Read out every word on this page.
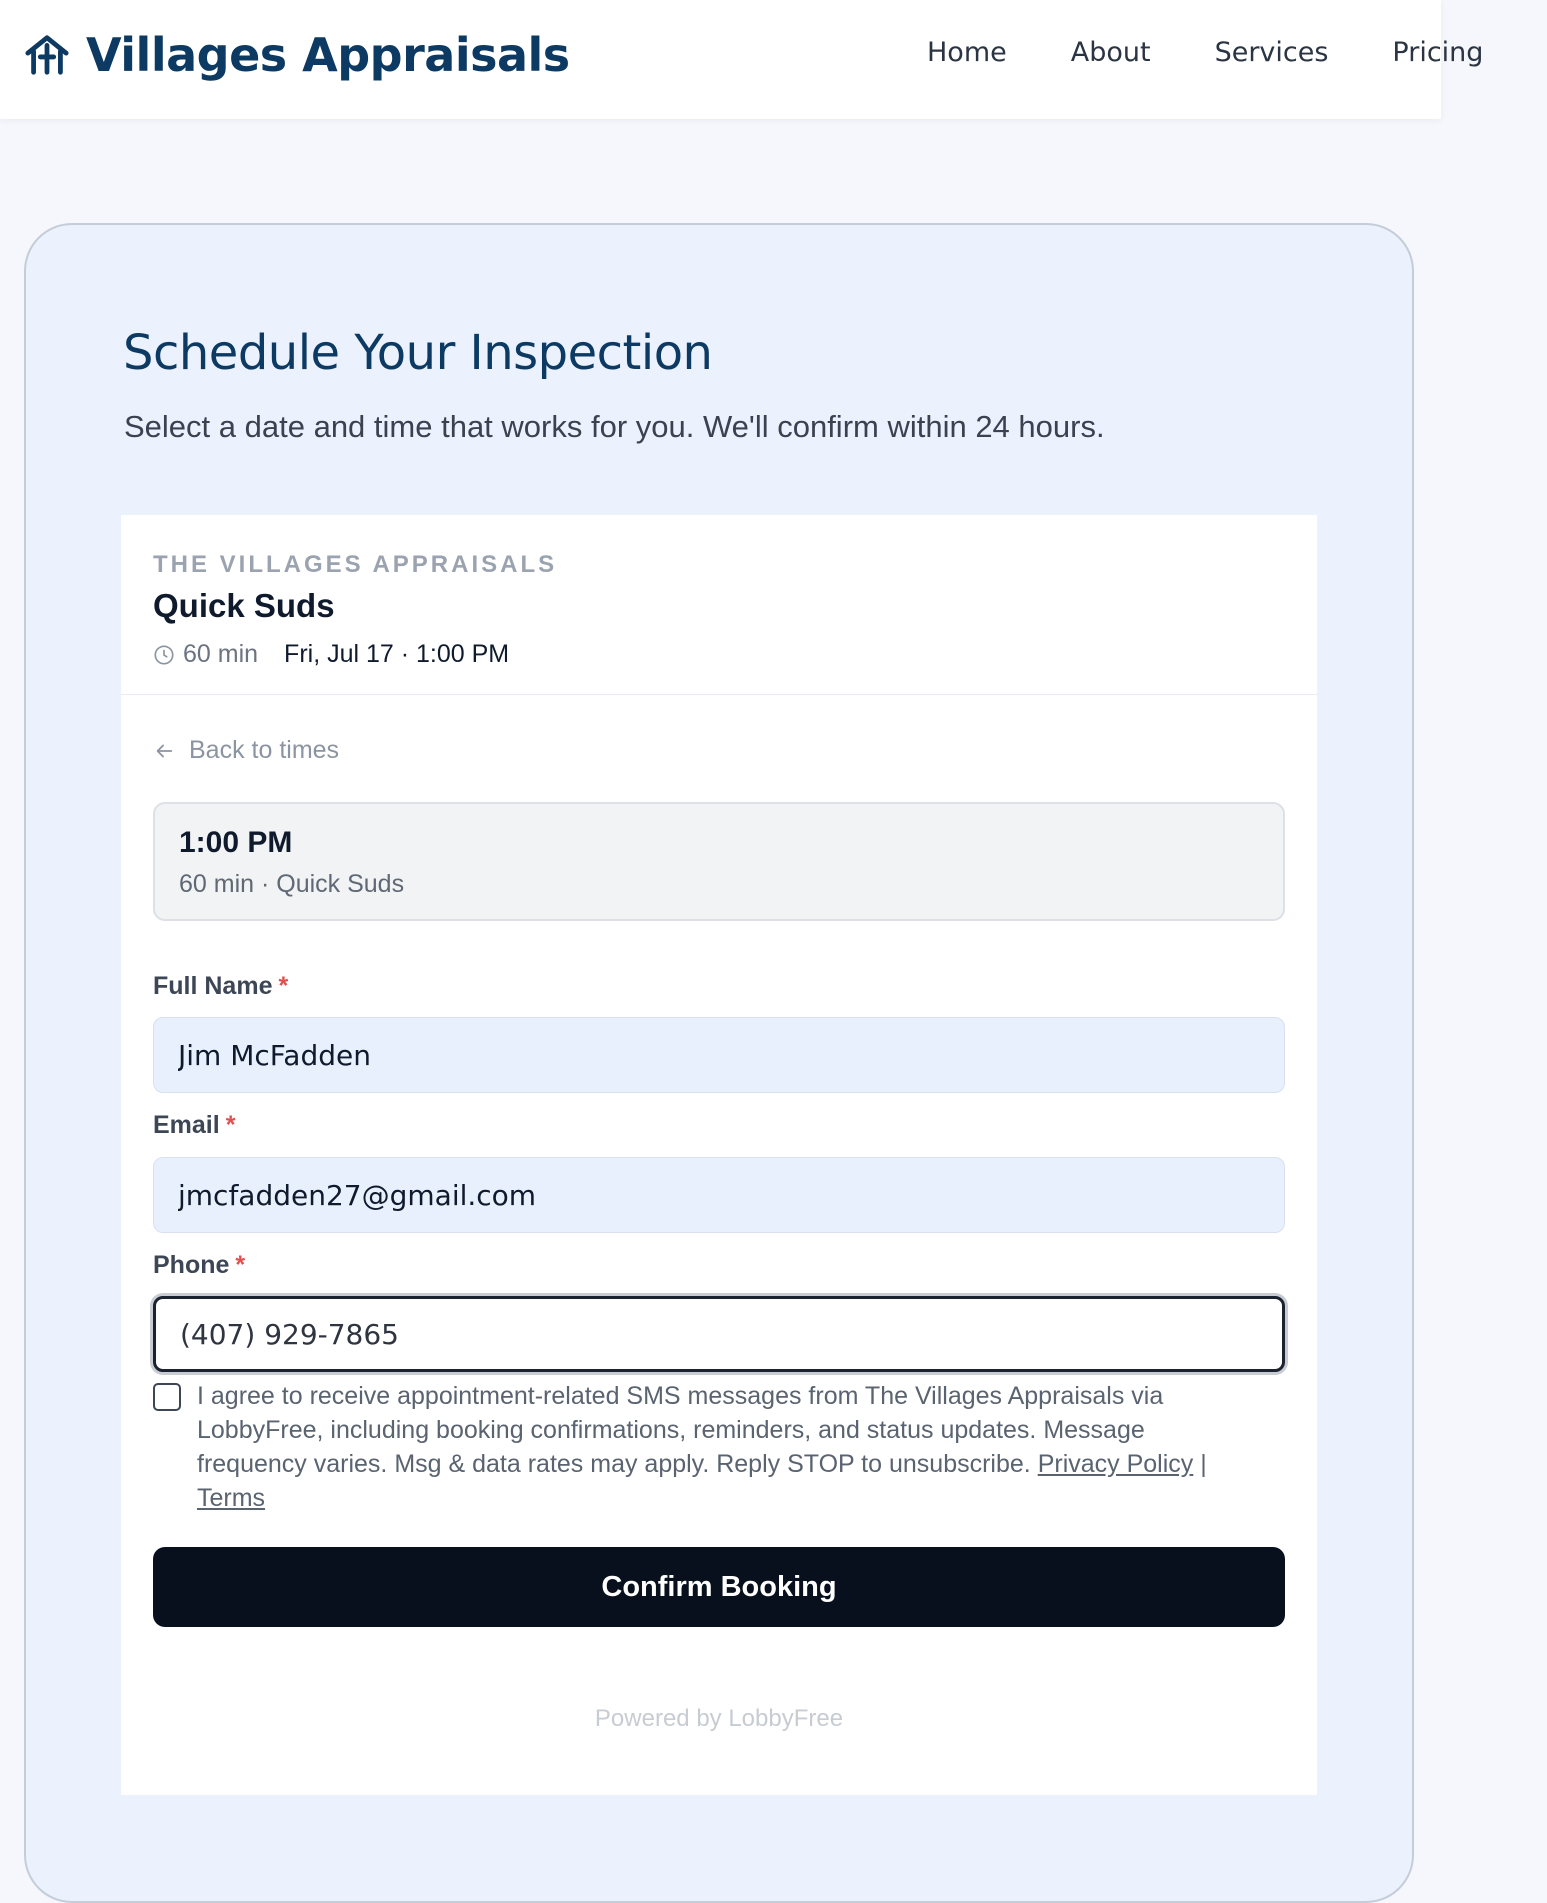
Villages Appraisals	Home About Services Pricing
Schedule Your Inspection

Select a date and time that works for you. We'll confirm within 24 hours.

THE VILLAGES APPRAISALS
Quick Suds
60 min Fri, Jul 17 · 1:00 PM
Back to times
1:00 PM
60 min · Quick Suds
Full Name *
Jim McFadden
Email *
jmcfadden27@gmail.com
Phone *
(407) 929-7865

I agree to receive appointment-related SMS messages from The Villages Appraisals via LobbyFree, including booking confirmations, reminders, and status updates. Message frequency varies. Msg & data rates may apply. Reply STOP to unsubscribe. Privacy Policy | Terms

Confirm Booking
Powered by LobbyFree
